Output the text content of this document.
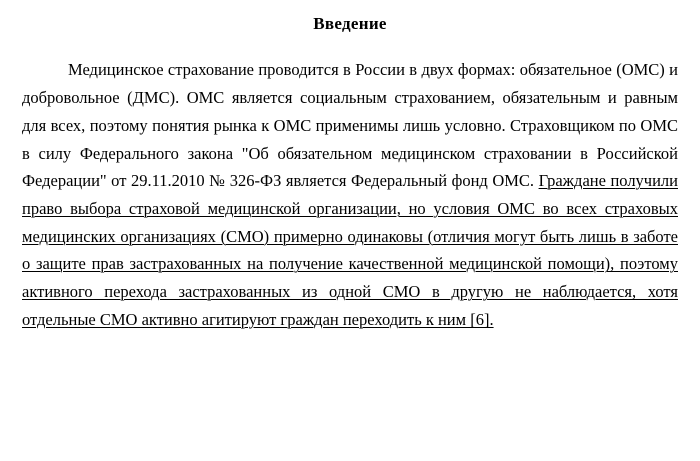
Введение

Медицинское страхование проводится в России в двух формах: обязательное (ОМС) и добровольное (ДМС). ОМС является социальным страхованием, обязательным и равным для всех, поэтому понятия рынка к ОМС применимы лишь условно. Страховщиком по ОМС в силу Федерального закона "Об обязательном медицинском страховании в Российской Федерации" от 29.11.2010 № 326-ФЗ является Федеральный фонд ОМС. Граждане получили право выбора страховой медицинской организации, но условия ОМС во всех страховых медицинских организациях (СМО) примерно одинаковы (отличия могут быть лишь в заботе о защите прав застрахованных на получение качественной медицинской помощи), поэтому активного перехода застрахованных из одной СМО в другую не наблюдается, хотя отдельные СМО активно агитируют граждан переходить к ним [6].
